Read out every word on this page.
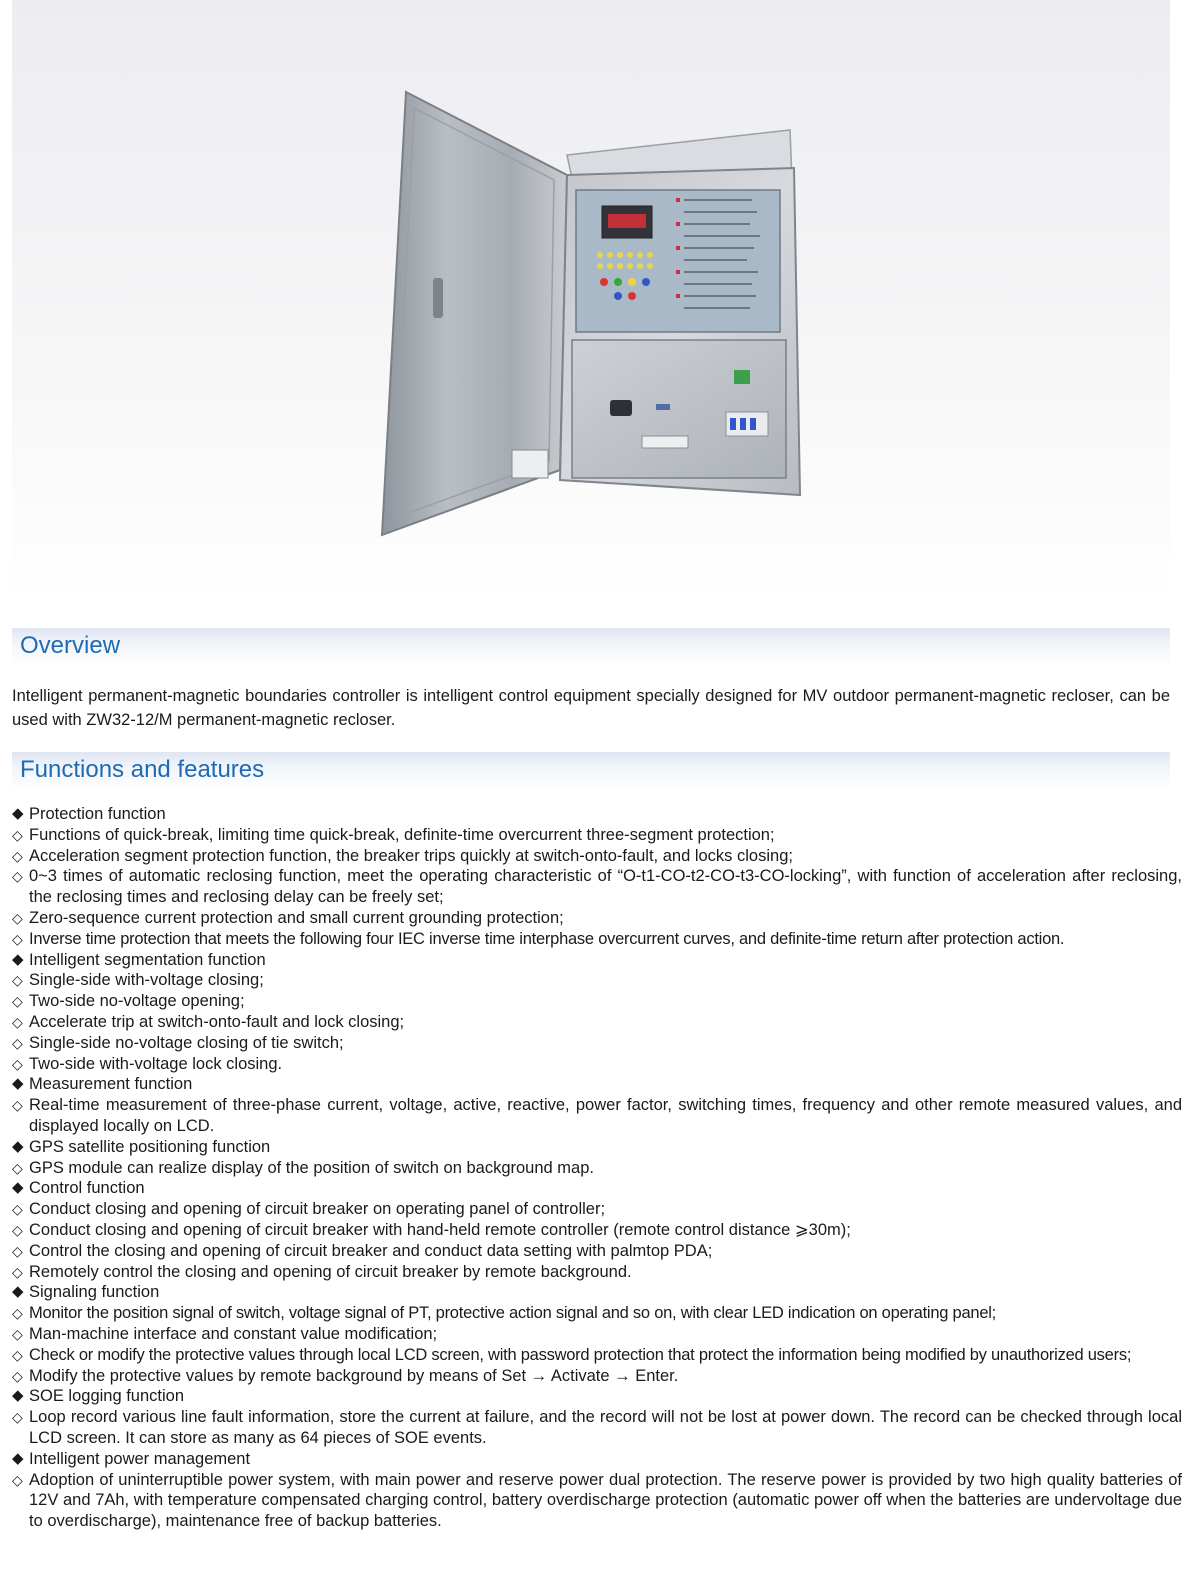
Overview

Intelligent permanent-magnetic boundaries controller is intelligent control equipment specially designed for MV outdoor permanent-magnetic recloser, can be used with ZW32-12/M permanent-magnetic recloser.

Functions and features
◆ Protection function
◇ Functions of quick-break, limiting time quick-break, definite-time overcurrent three-segment protection;
◇ Acceleration segment protection function, the breaker trips quickly at switch-onto-fault, and locks closing;
◇ 0~3 times of automatic reclosing function, meet the operating characteristic of “O-t1-CO-t2-CO-t3-CO-locking”, with function of acceleration after reclosing, the reclosing times and reclosing delay can be freely set;
◇ Zero-sequence current protection and small current grounding protection;
◇ Inverse time protection that meets the following four IEC inverse time interphase overcurrent curves, and definite-time return after protection action.
◆ Intelligent segmentation function
◇ Single-side with-voltage closing;
◇ Two-side no-voltage opening;
◇ Accelerate trip at switch-onto-fault and lock closing;
◇ Single-side no-voltage closing of tie switch;
◇ Two-side with-voltage lock closing.
◆ Measurement function
◇ Real-time measurement of three-phase current, voltage, active, reactive, power factor, switching times, frequency and other remote measured values, and displayed locally on LCD.
◆ GPS satellite positioning function
◇ GPS module can realize display of the position of switch on background map.
◆ Control function
◇ Conduct closing and opening of circuit breaker on operating panel of controller;
◇ Conduct closing and opening of circuit breaker with hand-held remote controller (remote control distance ⩾30m);
◇ Control the closing and opening of circuit breaker and conduct data setting with palmtop PDA;
◇ Remotely control the closing and opening of circuit breaker by remote background.
◆ Signaling function
◇ Monitor the position signal of switch, voltage signal of PT, protective action signal and so on, with clear LED indication on operating panel;
◇ Man-machine interface and constant value modification;
◇ Check or modify the protective values through local LCD screen, with password protection that protect the information being modified by unauthorized users;
◇ Modify the protective values by remote background by means of Set → Activate → Enter.
◆ SOE logging function
◇ Loop record various line fault information, store the current at failure, and the record will not be lost at power down. The record can be checked through local LCD screen. It can store as many as 64 pieces of SOE events.
◆ Intelligent power management
◇ Adoption of uninterruptible power system, with main power and reserve power dual protection. The reserve power is provided by two high quality batteries of 12V and 7Ah, with temperature compensated charging control, battery overdischarge protection (automatic power off when the batteries are undervoltage due to overdischarge), maintenance free of backup batteries.
